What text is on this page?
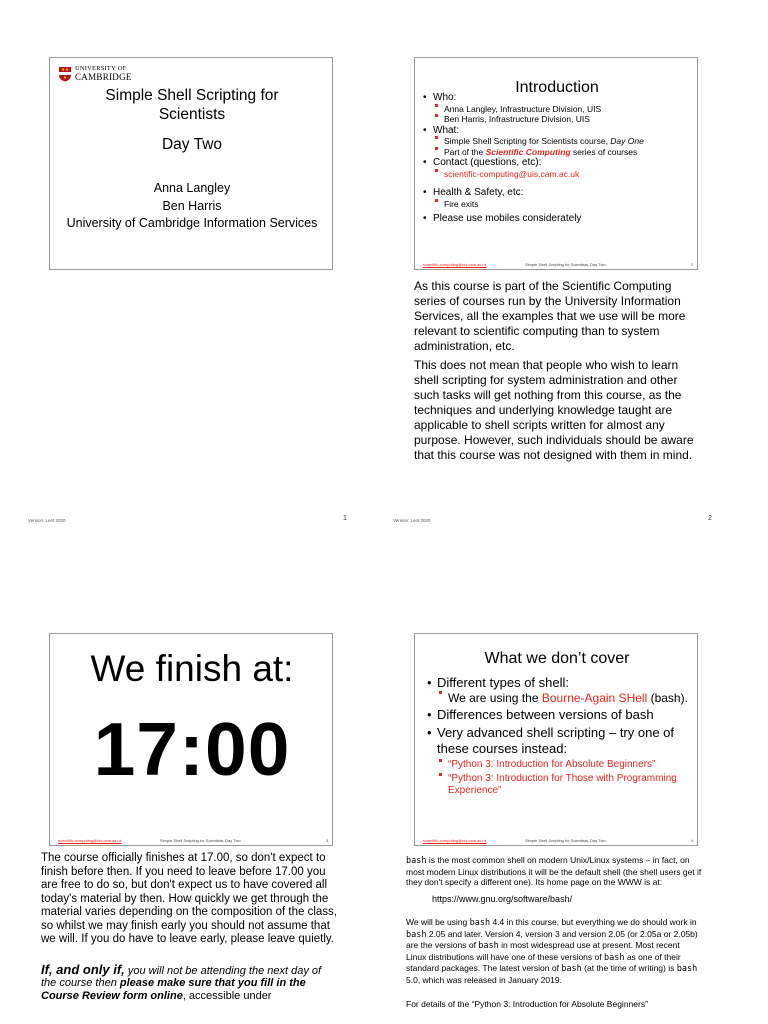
UNIVERSITY OF
CAMBRIDGE
Simple Shell Scripting for
Scientists
Day Two
Anna Langley
Ben Harris
University of Cambridge Information Services
Introduction
• Who:
Anna Langley, Infrastructure Division, UIS
Ben Harris, Infrastructure Division, UIS
• What:
Simple Shell Scripting for Scientists course, Day One
Part of the Scientific Computing series of courses
• Contact (questions, etc):
scientific-computing@uis.cam.ac.uk
• Health & Safety, etc:
Fire exits
• Please use mobiles considerately
scientific-computing@uis.cam.ac.uk	Simple Shell Scripting for Scientists: Day Two	2

As this course is part of the Scientific Computing series of courses run by the University Information Services, all the examples that we use will be more relevant to scientific computing than to system administration, etc.

This does not mean that people who wish to learn shell scripting for system administration and other such tasks will get nothing from this course, as the techniques and underlying knowledge taught are applicable to shell scripts written for almost any purpose. However, such individuals should be aware that this course was not designed with them in mind.

Version: Lent 2020	1	Version: Lent 2020	2
We finish at:
17:00
scientific-computing@uis.cam.ac.uk	Simple Shell Scripting for Scientists: Day Two	3

The course officially finishes at 17.00, so don't expect to finish before then. If you need to leave before 17.00 you are free to do so, but don't expect us to have covered all today's material by then. How quickly we get through the material varies depending on the composition of the class, so whilst we may finish early you should not assume that we will. If you do have to leave early, please leave quietly.

If, and only if, you will not be attending the next day of the course then please make sure that you fill in the Course Review form online, accessible under

What we don’t cover
• Different types of shell:
We are using the Bourne-Again SHell (bash).
• Differences between versions of bash
• Very advanced shell scripting – try one of these courses instead:
“Python 3: Introduction for Absolute Beginners”
“Python 3: Introduction for Those with Programming Experience”
scientific-computing@uis.cam.ac.uk	Simple Shell Scripting for Scientists: Day Two	4

bash is the most common shell on modern Unix/Linux systems – in fact, on most modern Linux distributions it will be the default shell (the shell users get if they don't specify a different one). Its home page on the WWW is at:

https://www.gnu.org/software/bash/

We will be using bash 4.4 in this course, but everything we do should work in bash 2.05 and later. Version 4, version 3 and version 2.05 (or 2.05a or 2.05b) are the versions of bash in most widespread use at present. Most recent Linux distributions will have one of these versions of bash as one of their standard packages. The latest version of bash (at the time of writing) is bash 5.0, which was released in January 2019.

For details of the “Python 3: Introduction for Absolute Beginners”
